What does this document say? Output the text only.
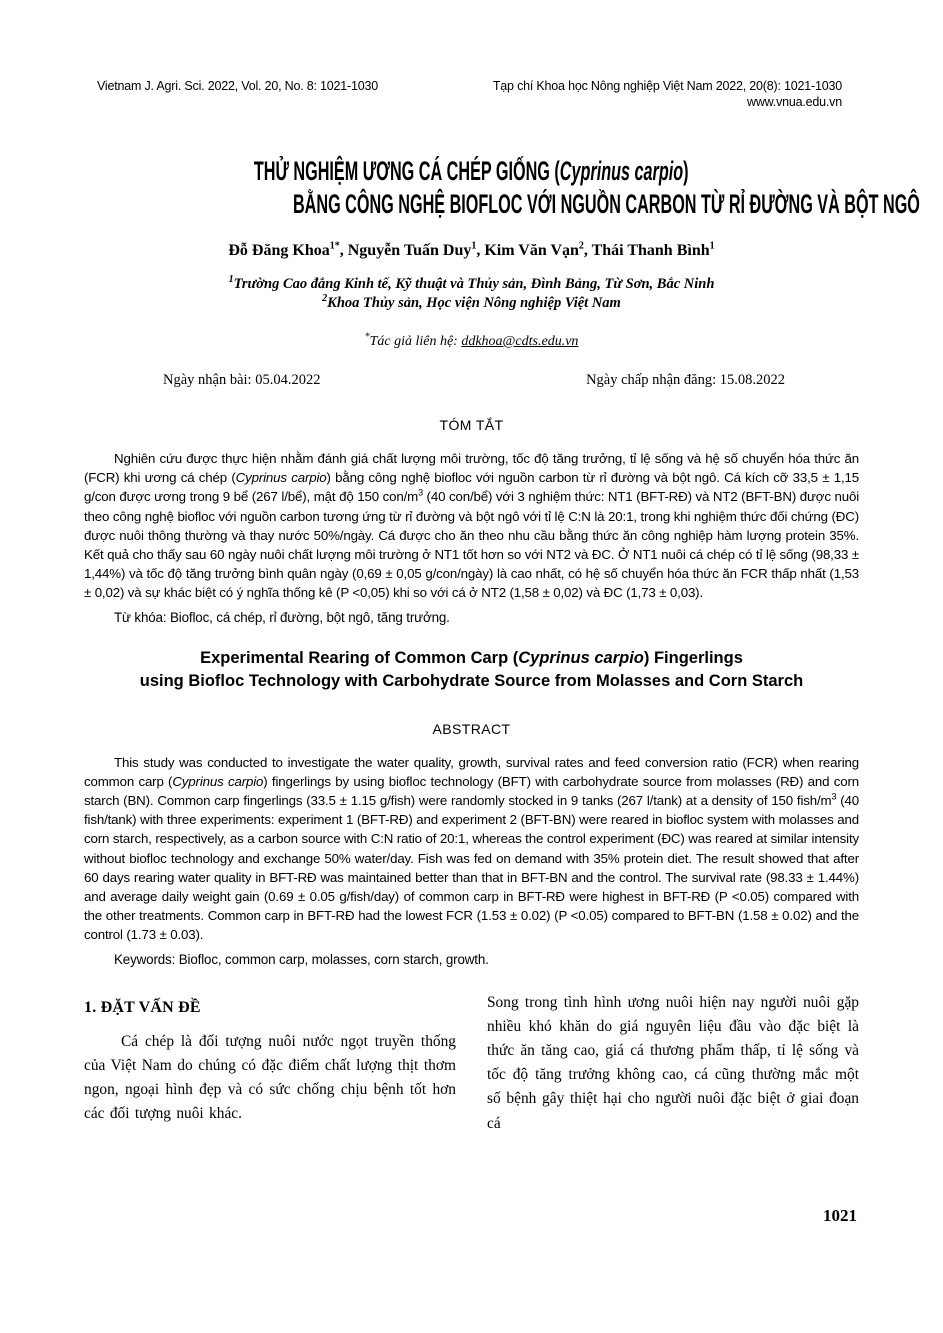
Vietnam J. Agri. Sci. 2022, Vol. 20, No. 8: 1021-1030	Tạp chí Khoa học Nông nghiệp Việt Nam 2022, 20(8): 1021-1030
www.vnua.edu.vn
THỬ NGHIỆM ƯƠNG CÁ CHÉP GIỐNG (Cyprinus carpio)
BẰNG CÔNG NGHỆ BIOFLOC VỚI NGUỒN CARBON TỪ RỈ ĐƯỜNG VÀ BỘT NGÔ

Đỗ Đăng Khoa$^{1*}$, Nguyễn Tuấn Duy$^1$, Kim Văn Vạn$^2$, Thái Thanh Bình$^1$

$^1$Trường Cao đẳng Kinh tế, Kỹ thuật và Thủy sản, Đình Bảng, Từ Sơn, Bắc Ninh
$^2$Khoa Thủy sản, Học viện Nông nghiệp Việt Nam

*Tác giả liên hệ: ddkhoa@cdts.edu.vn

Ngày nhận bài: 05.04.2022	Ngày chấp nhận đăng: 15.08.2022
TÓM TẮT

Nghiên cứu được thực hiện nhằm đánh giá chất lượng môi trường, tốc độ tăng trưởng, tỉ lệ sống và hệ số chuyển hóa thức ăn (FCR) khi ương cá chép (Cyprinus carpio) bằng công nghệ biofloc với nguồn carbon từ rỉ đường và bột ngô. Cá kích cỡ 33,5 ± 1,15 g/con được ương trong 9 bể (267 l/bể), mật độ 150 con/$m^3$ (40 con/bể) với 3 nghiệm thức: NT1 (BFT-RĐ) và NT2 (BFT-BN) được nuôi theo công nghệ biofloc với nguồn carbon tương ứng từ rỉ đường và bột ngô với tỉ lệ C:N là 20:1, trong khi nghiệm thức đối chứng (ĐC) được nuôi thông thường và thay nước 50%/ngày. Cá được cho ăn theo nhu cầu bằng thức ăn công nghiệp hàm lượng protein 35%. Kết quả cho thấy sau 60 ngày nuôi chất lượng môi trường ở NT1 tốt hơn so với NT2 và ĐC. Ở NT1 nuôi cá chép có tỉ lệ sống (98,33 ± 1,44%) và tốc độ tăng trưởng bình quân ngày (0,69 ± 0,05 g/con/ngày) là cao nhất, có hệ số chuyển hóa thức ăn FCR thấp nhất (1,53 ± 0,02) và sự khác biệt có ý nghĩa thống kê (P <0,05) khi so với cá ở NT2 (1,58 ± 0,02) và ĐC (1,73 ± 0,03).

Từ khóa: Biofloc, cá chép, rỉ đường, bột ngô, tăng trưởng.

Experimental Rearing of Common Carp (Cyprinus carpio) Fingerlings
using Biofloc Technology with Carbohydrate Source from Molasses and Corn Starch
ABSTRACT

This study was conducted to investigate the water quality, growth, survival rates and feed conversion ratio (FCR) when rearing common carp (Cyprinus carpio) fingerlings by using biofloc technology (BFT) with carbohydrate source from molasses (RĐ) and corn starch (BN). Common carp fingerlings (33.5 ± 1.15 g/fish) were randomly stocked in 9 tanks (267 l/tank) at a density of 150 fish/$m^3$ (40 fish/tank) with three experiments: experiment 1 (BFT-RĐ) and experiment 2 (BFT-BN) were reared in biofloc system with molasses and corn starch, respectively, as a carbon source with C:N ratio of 20:1, whereas the control experiment (ĐC) was reared at similar intensity without biofloc technology and exchange 50% water/day. Fish was fed on demand with 35% protein diet. The result showed that after 60 days rearing water quality in BFT-RĐ was maintained better than that in BFT-BN and the control. The survival rate (98.33 ± 1.44%) and average daily weight gain (0.69 ± 0.05 g/fish/day) of common carp in BFT-RĐ were highest in BFT-RĐ (P <0.05) compared with the other treatments. Common carp in BFT-RĐ had the lowest FCR (1.53 ± 0.02) (P <0.05) compared to BFT-BN (1.58 ± 0.02) and the control (1.73 ± 0.03).

Keywords: Biofloc, common carp, molasses, corn starch, growth.

1. ĐẶT VẤN ĐỀ

Cá chép là đối tượng nuôi nước ngọt truyền thống của Việt Nam do chúng có đặc điểm chất lượng thịt thơm ngon, ngoại hình đẹp và có sức chống chịu bệnh tốt hơn các đối tượng nuôi khác.

Song trong tình hình ương nuôi hiện nay người nuôi gặp nhiều khó khăn do giá nguyên liệu đầu vào đặc biệt là thức ăn tăng cao, giá cá thương phẩm thấp, tỉ lệ sống và tốc độ tăng trưởng không cao, cá cũng thường mắc một số bệnh gây thiệt hại cho người nuôi đặc biệt ở giai đoạn cá

1021
